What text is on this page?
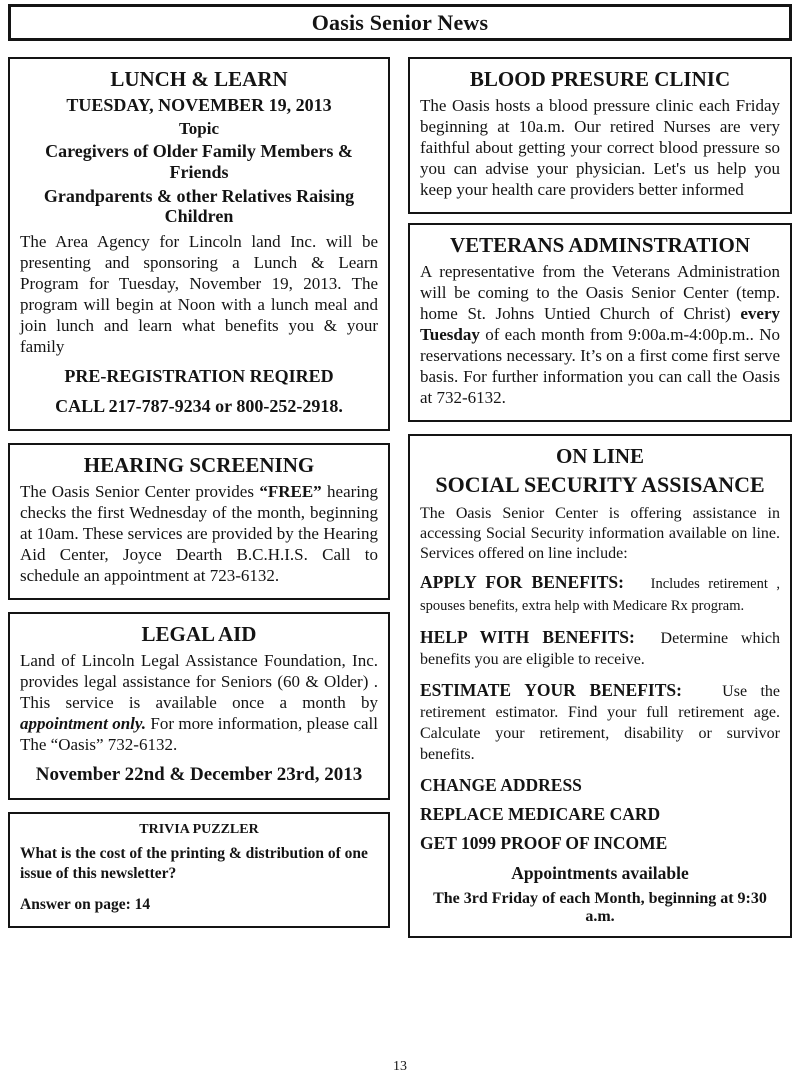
Oasis Senior News
LUNCH & LEARN
TUESDAY, NOVEMBER 19, 2013
Topic
Caregivers of Older Family Members & Friends
Grandparents & other Relatives Raising Children

The Area Agency for Lincoln land Inc. will be presenting and sponsoring a Lunch & Learn Program for Tuesday, November 19, 2013. The program will begin at Noon with a lunch meal and join lunch and learn what benefits you & your family

PRE-REGISTRATION REQIRED
CALL 217-787-9234 or 800-252-2918.
HEARING SCREENING

The Oasis Senior Center provides “FREE” hearing checks the first Wednesday of the month, beginning at 10am. These services are provided by the Hearing Aid Center, Joyce Dearth B.C.H.I.S. Call to schedule an appointment at 723-6132.

LEGAL AID

Land of Lincoln Legal Assistance Foundation, Inc. provides legal assistance for Seniors (60 & Older) . This service is available once a month by appointment only. For more information, please call The “Oasis” 732-6132.

November 22nd & December 23rd, 2013
TRIVIA PUZZLER

What is the cost of the printing & distribution of one issue of this newsletter?

Answer on page: 14

BLOOD PRESURE CLINIC

The Oasis hosts a blood pressure clinic each Friday beginning at 10a.m. Our retired Nurses are very faithful about getting your correct blood pressure so you can advise your physician. Let's us help you keep your health care providers better informed

VETERANS ADMINSTRATION

A representative from the Veterans Administration will be coming to the Oasis Senior Center (temp. home St. Johns Untied Church of Christ) every Tuesday of each month from 9:00a.m-4:00p.m.. No reservations necessary. It’s on a first come first serve basis. For further information you can call the Oasis at 732-6132.

ON LINE
SOCIAL SECURITY ASSISANCE

The Oasis Senior Center is offering assistance in accessing Social Security information available on line. Services offered on line include:

APPLY FOR BENEFITS: Includes retirement , spouses benefits, extra help with Medicare Rx program.

HELP WITH BENEFITS: Determine which benefits you are eligible to receive.

ESTIMATE YOUR BENEFITS:	Use the retirement estimator. Find your full retirement age. Calculate your retirement, disability or survivor benefits.

CHANGE ADDRESS
REPLACE MEDICARE CARD
GET 1099 PROOF OF INCOME
Appointments available
The 3rd Friday of each Month, beginning at 9:30 a.m.
13
